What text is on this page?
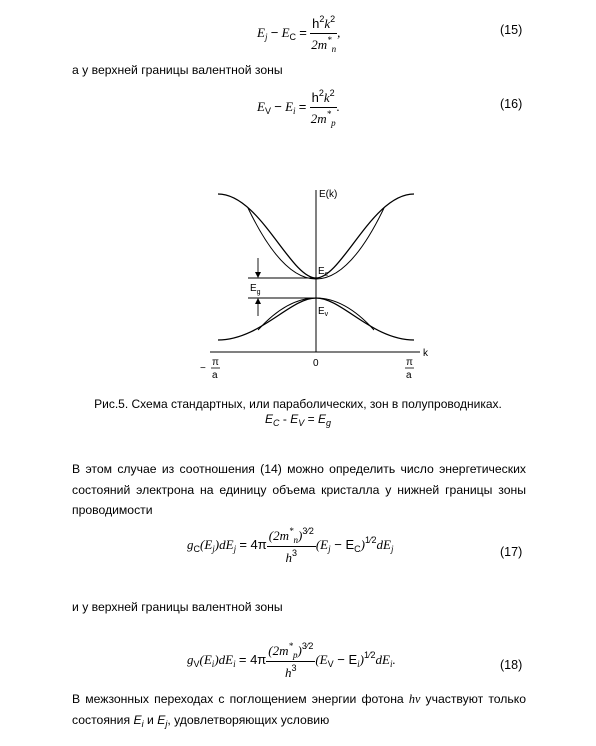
$E_j - E_C = \frac{h^2k^2}{2m^*_n}$ ,	(15)
а у верхней границы валентной зоны
$E_V - E_i = \frac{h^2k^2}{2m^*_p}$ .	(16)
E(k)
k
$E_c$
$E_v$
$E_g$
0
−
π
a
π
a
Рис.5. Схема стандартных, или параболических, зон в полупроводниках.
$E_C - E_V = E_g$
В этом случае из соотношения (14) можно определить число энергетических
состояний электрона на единицу объема кристалла у нижней границы зоны
проводимости
$g_C(E_j)dE_j = 4\pi \frac{(2m^*_n)^{3⁄2}}{h^3} (E_j - E_C)^{1⁄2}dE_j$	(17)
и у верхней границы валентной зоны
$g_V(E_i)dE_i = 4\pi \frac{(2m^*_p)^{3⁄2}}{h^3} (E_V - E_i)^{1⁄2}dE_i$.	(18)
В межзонных переходах с поглощением энергии фотона hν участвуют только
состояния $E_i$ и $E_j$, удовлетворяющих условию
